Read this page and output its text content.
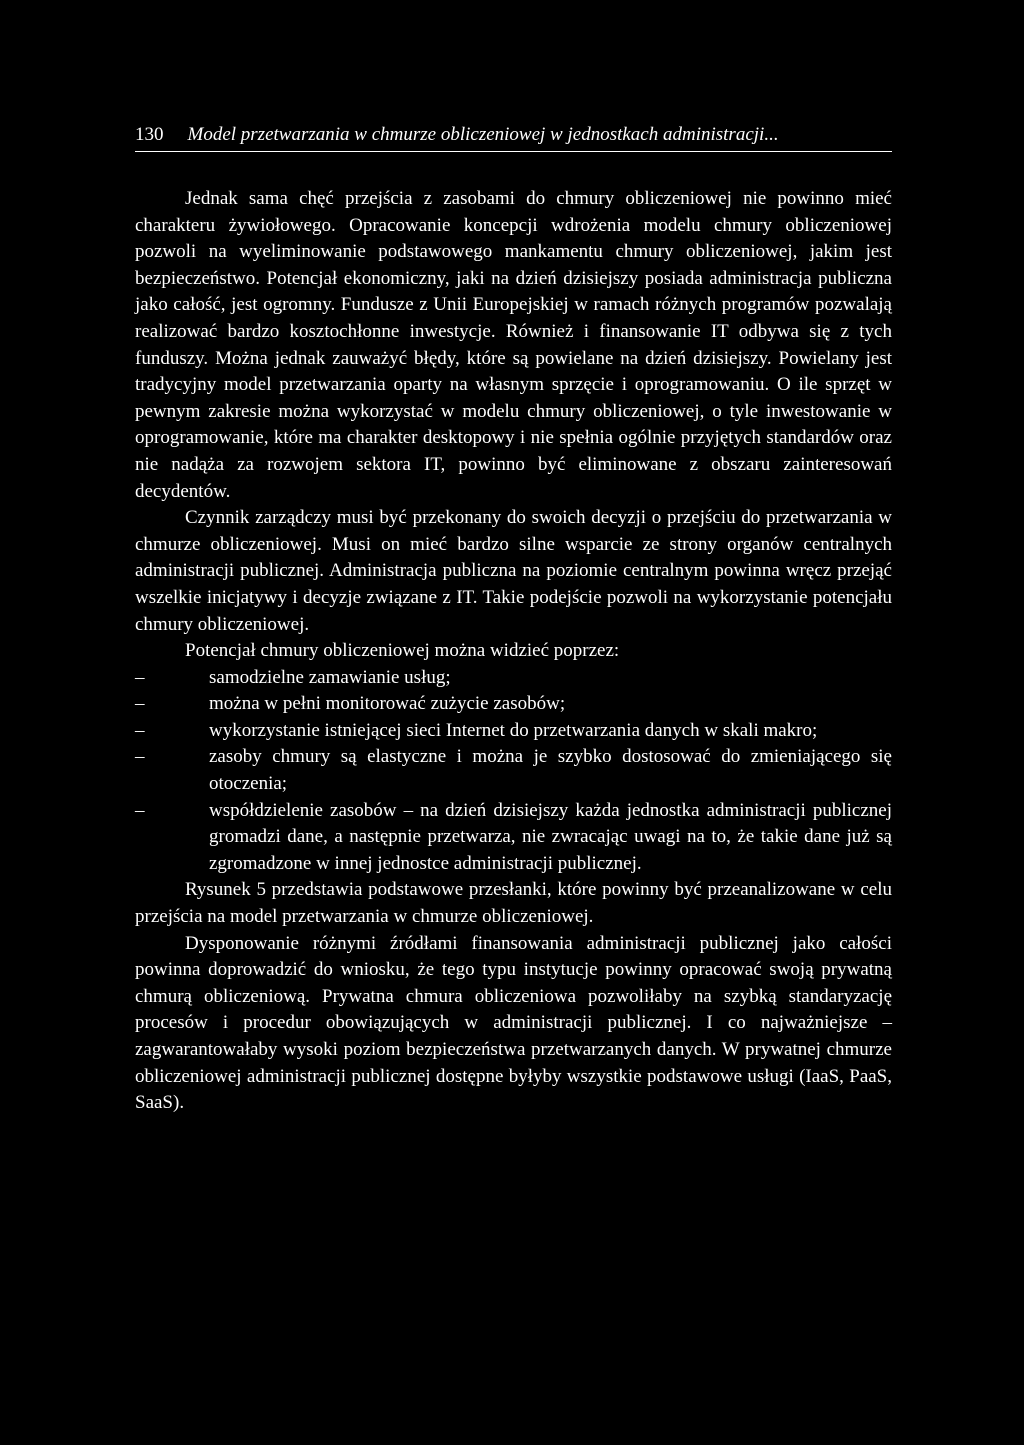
130 Model przetwarzania w chmurze obliczeniowej w jednostkach administracji...

Jednak sama chęć przejścia z zasobami do chmury obliczeniowej nie powinno mieć charakteru żywiołowego. Opracowanie koncepcji wdrożenia modelu chmury obliczeniowej pozwoli na wyeliminowanie podstawowego mankamentu chmury obliczeniowej, jakim jest bezpieczeństwo. Potencjał ekonomiczny, jaki na dzień dzisiejszy posiada administracja publiczna jako całość, jest ogromny. Fundusze z Unii Europejskiej w ramach różnych programów pozwalają realizować bardzo kosztochłonne inwestycje. Również i finansowanie IT odbywa się z tych funduszy. Można jednak zauważyć błędy, które są powielane na dzień dzisiejszy. Powielany jest tradycyjny model przetwarzania oparty na własnym sprzęcie i oprogramowaniu. O ile sprzęt w pewnym zakresie można wykorzystać w modelu chmury obliczeniowej, o tyle inwestowanie w oprogramowanie, które ma charakter desktopowy i nie spełnia ogólnie przyjętych standardów oraz nie nadąża za rozwojem sektora IT, powinno być eliminowane z obszaru zainteresowań decydentów.

Czynnik zarządczy musi być przekonany do swoich decyzji o przejściu do przetwarzania w chmurze obliczeniowej. Musi on mieć bardzo silne wsparcie ze strony organów centralnych administracji publicznej. Administracja publiczna na poziomie centralnym powinna wręcz przejąć wszelkie inicjatywy i decyzje związane z IT. Takie podejście pozwoli na wykorzystanie potencjału chmury obliczeniowej.

Potencjał chmury obliczeniowej można widzieć poprzez:

–	samodzielne zamawianie usług;
–	można w pełni monitorować zużycie zasobów;
–	wykorzystanie istniejącej sieci Internet do przetwarzania danych w skali makro;
–	zasoby chmury są elastyczne i można je szybko dostosować do zmieniającego się otoczenia;
–	współdzielenie zasobów – na dzień dzisiejszy każda jednostka administracji publicznej gromadzi dane, a następnie przetwarza, nie zwracając uwagi na to, że takie dane już są zgromadzone w innej jednostce administracji publicznej.

Rysunek 5 przedstawia podstawowe przesłanki, które powinny być przeanalizowane w celu przejścia na model przetwarzania w chmurze obliczeniowej.

Dysponowanie różnymi źródłami finansowania administracji publicznej jako całości powinna doprowadzić do wniosku, że tego typu instytucje powinny opracować swoją prywatną chmurą obliczeniową. Prywatna chmura obliczeniowa pozwoliłaby na szybką standaryzację procesów i procedur obowiązujących w administracji publicznej. I co najważniejsze – zagwarantowałaby wysoki poziom bezpieczeństwa przetwarzanych danych. W prywatnej chmurze obliczeniowej administracji publicznej dostępne byłyby wszystkie podstawowe usługi (IaaS, PaaS, SaaS).
